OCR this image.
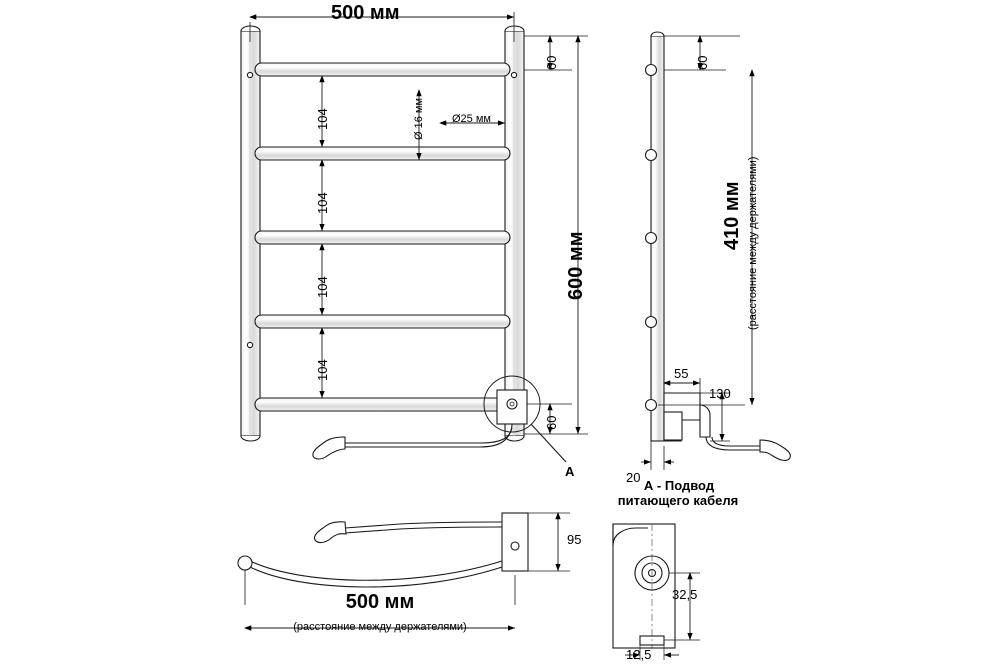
500 мм
600 мм
60
60
104
104
104
104
Ø 16 мм Ø25 мм
A
60
410 мм (расстояние между держателями)
55
130
20
А - Подвод
питающего кабеля
32,5
12,5
95
500 мм
(расстояние между держателями)
